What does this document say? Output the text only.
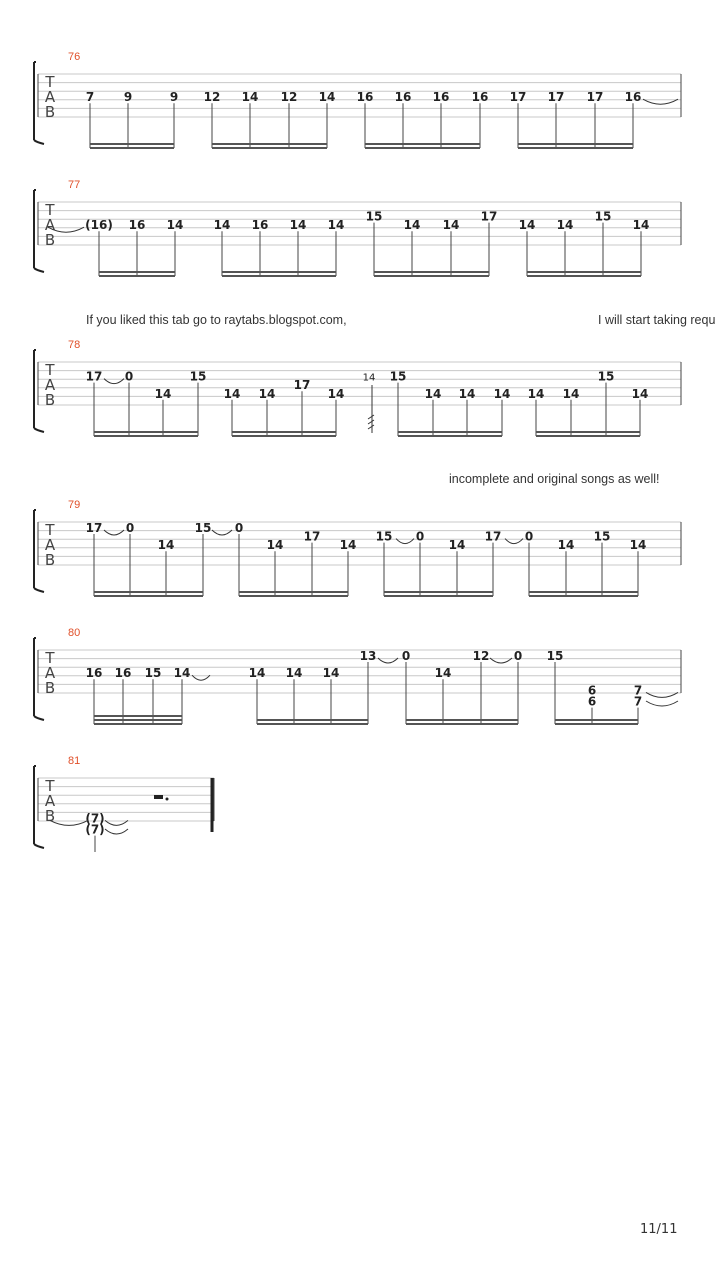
T
A
B
76
7 9	9 12 14 12 14 16 16 16 16 17 17 17 16
T
A
B
77
(16) 16 14	14 16 14 14
15
14 14
17
14 14
15
14
T
A
B
78
17 0
14
15
14 14
17
14
15
14 14 14 14 14
15
14
14
T
A
B
79
17 0
14
15 0
14
17
14
15 0
14
17 0
14
15
14
T
A
B
80
16 16 15 14	14 14 14
13 0
14
12 0 15
6
6
7
7
T
A
B
81
(7)
(7)
If you liked this tab go to raytabs.blogspot.com,	I will start taking requ
incomplete and original songs as well!
11/11
